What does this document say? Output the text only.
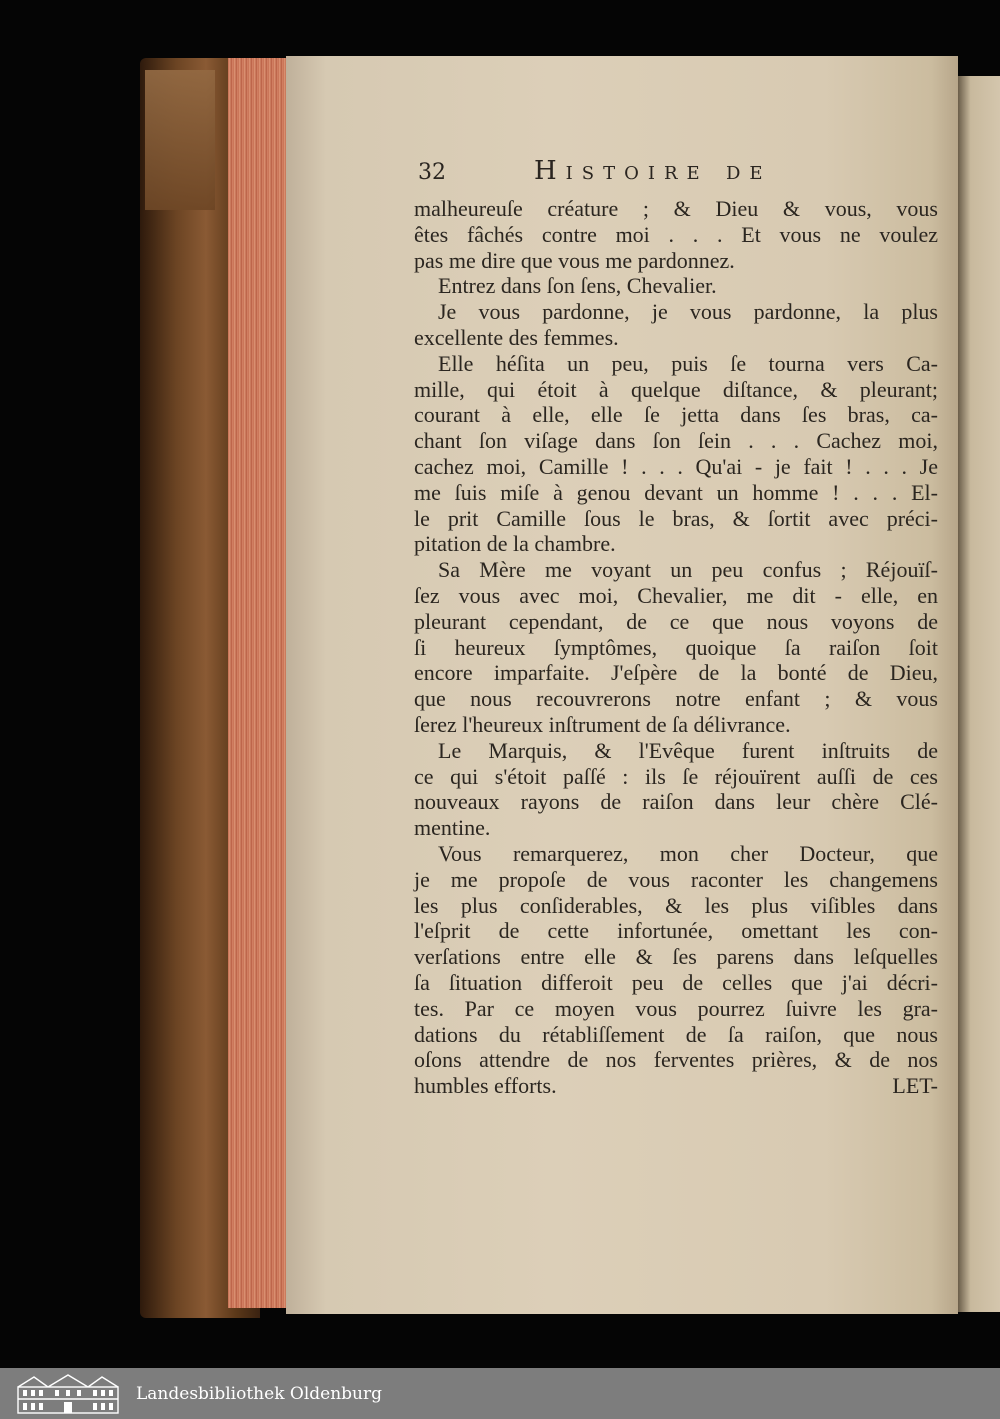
32	Histoire de
malheureuſe créature ; & Dieu & vous, vous
êtes fâchés contre moi . . . Et vous ne voulez
pas me dire que vous me pardonnez.
Entrez dans ſon ſens, Chevalier.
Je vous pardonne, je vous pardonne, la plus
excellente des femmes.
Elle héſita un peu, puis ſe tourna vers Ca-
mille, qui étoit à quelque diſtance, & pleurant;
courant à elle, elle ſe jetta dans ſes bras, ca-
chant ſon viſage dans ſon ſein . . . Cachez moi,
cachez moi, Camille ! . . . Qu'ai - je fait ! . . . Je
me ſuis miſe à genou devant un homme ! . . . El-
le prit Camille ſous le bras, & ſortit avec préci-
pitation de la chambre.
Sa Mère me voyant un peu confus ; Réjouïſ-
ſez vous avec moi, Chevalier, me dit - elle, en
pleurant cependant, de ce que nous voyons de
ſi heureux ſymptômes, quoique ſa raiſon ſoit
encore imparfaite. J'eſpère de la bonté de Dieu,
que nous recouvrerons notre enfant ; & vous
ſerez l'heureux inſtrument de ſa délivrance.
Le Marquis, & l'Evêque furent inſtruits de
ce qui s'étoit paſſé : ils ſe réjouïrent auſſi de ces
nouveaux rayons de raiſon dans leur chère Clé-
mentine.
Vous remarquerez, mon cher Docteur, que
je me propoſe de vous raconter les changemens
les plus conſiderables, & les plus viſibles dans
l'eſprit de cette infortunée, omettant les con-
verſations entre elle & ſes parens dans leſquelles
ſa ſituation differoit peu de celles que j'ai décri-
tes. Par ce moyen vous pourrez ſuivre les gra-
dations du rétabliſſement de ſa raiſon, que nous
oſons attendre de nos ferventes prières, & de nos
humbles efforts.	LET-
Landesbibliothek Oldenburg
